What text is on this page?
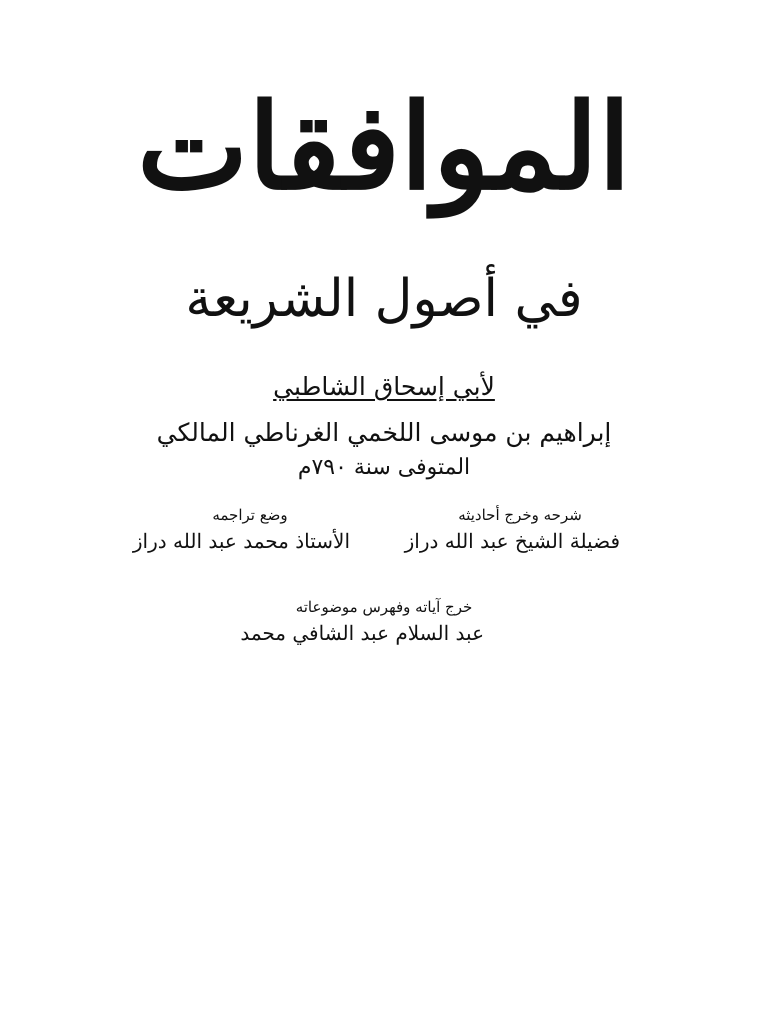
الموافقات
في أصول الشريعة
لأبي إسحاق الشاطبي
إبراهيم بن موسى اللخمي الغرناطي المالكي
المتوفى سنة ٧٩٠م
شرحه وخرج أحاديثه
فضيلة الشيخ عبد الله دراز
وضع تراجمه
الأستاذ محمد عبد الله دراز
خرج آياته وفهرس موضوعاته
عبد السلام عبد الشافي محمد
